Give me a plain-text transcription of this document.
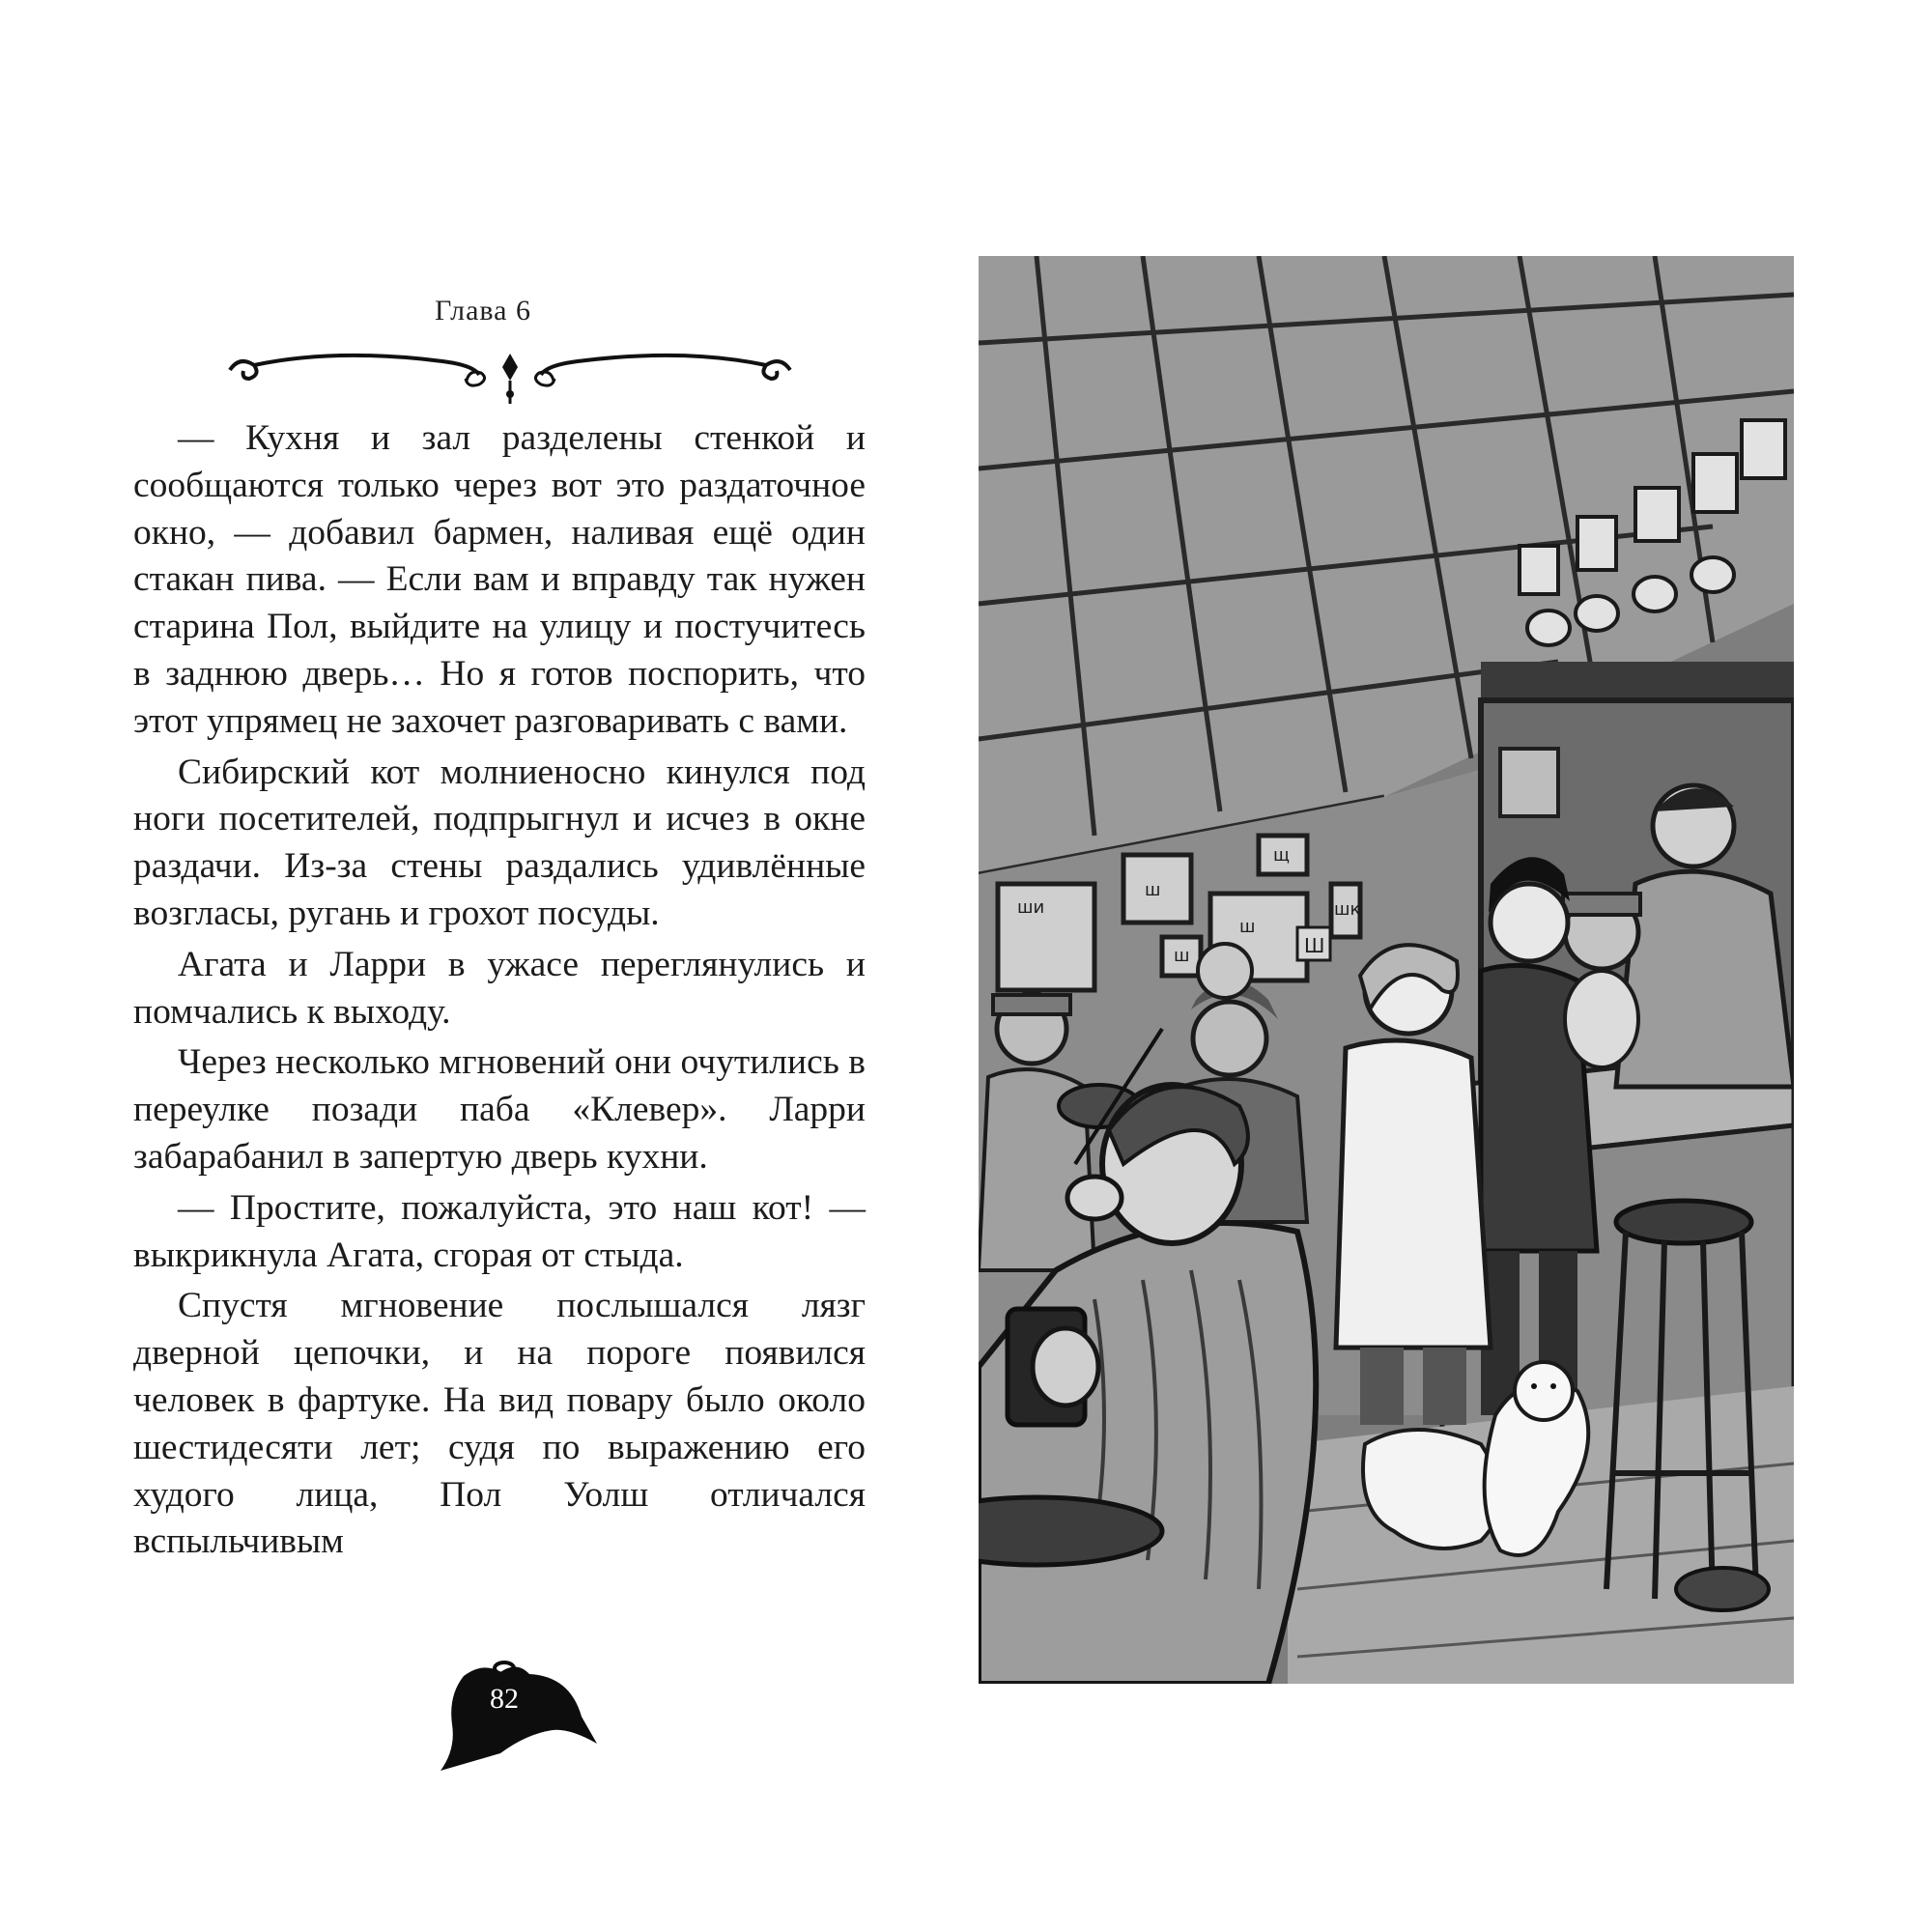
Глава 6

— Кухня и зал разделены стенкой и сообщаются только через вот это раздаточное окно, — добавил бармен, наливая ещё один стакан пива. — Если вам и вправду так нужен старина Пол, выйдите на улицу и постучитесь в заднюю дверь… Но я готов поспорить, что этот упрямец не захочет разговаривать с вами.

Сибирский кот молниеносно кинулся под ноги посетителей, подпрыгнул и исчез в окне раздачи. Из-за стены раздались удивлённые возгласы, ругань и грохот посуды.

Агата и Ларри в ужасе переглянулись и помчались к выходу.

Через несколько мгновений они очутились в переулке позади паба «Клевер». Ларри забарабанил в запертую дверь кухни.

— Простите, пожалуйста, это наш кот! — выкрикнула Агата, сгорая от стыда.

Спустя мгновение послышался лязг дверной цепочки, и на пороге появился человек в фартуке. На вид повару было около шестидесяти лет; судя по выражению его худого лица, Пол Уолш отличался вспыльчивым

82
ши
ш
ш
щ
ш
шк
Ш
